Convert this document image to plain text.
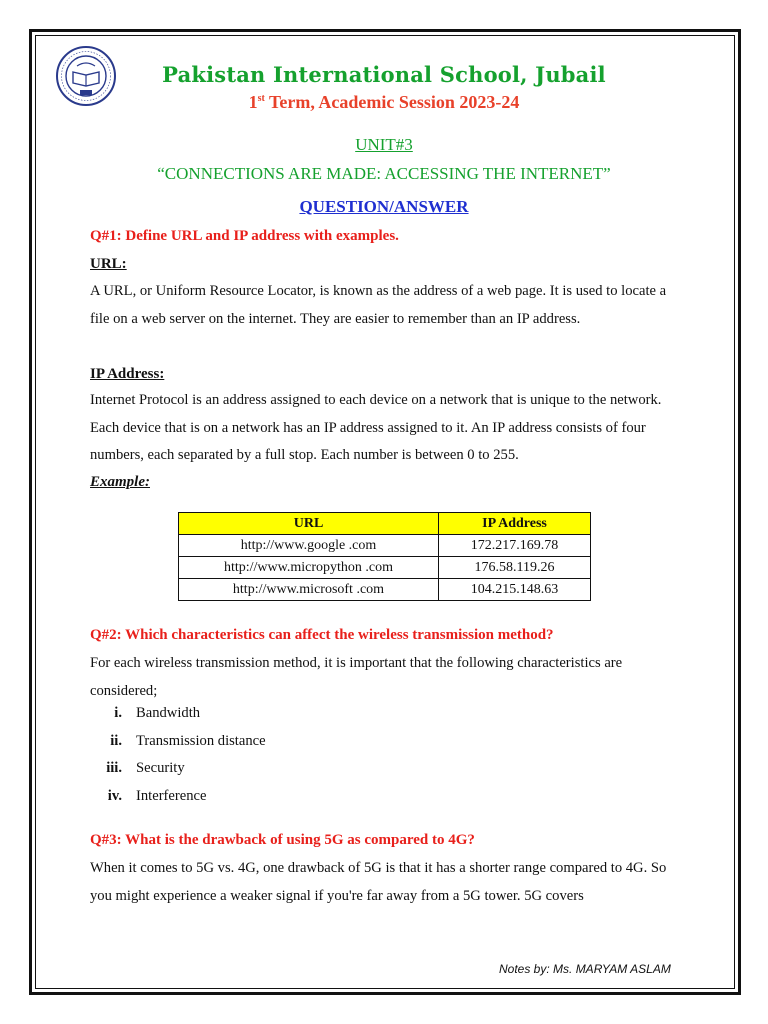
Pakistan International School, Jubail
1st Term, Academic Session 2023-24
UNIT#3
“CONNECTIONS ARE MADE: ACCESSING THE INTERNET”
QUESTION/ANSWER
Q#1: Define URL and IP address with examples.
URL:

A URL, or Uniform Resource Locator, is known as the address of a web page. It is used to locate a file on a web server on the internet. They are easier to remember than an IP address.

IP Address:

Internet Protocol is an address assigned to each device on a network that is unique to the network. Each device that is on a network has an IP address assigned to it. An IP address consists of four numbers, each separated by a full stop. Each number is between 0 to 255.

Example:
URL	IP Address
http://www.google .com	172.217.169.78
http://www.micropython .com	176.58.119.26
http://www.microsoft .com	104.215.148.63
Q#2: Which characteristics can affect the wireless transmission method?

For each wireless transmission method, it is important that the following characteristics are considered;

i. Bandwidth
ii. Transmission distance
iii. Security
iv. Interference
Q#3: What is the drawback of using 5G as compared to 4G?

When it comes to 5G vs. 4G, one drawback of 5G is that it has a shorter range compared to 4G. So you might experience a weaker signal if you're far away from a 5G tower. 5G covers

Notes by: Ms. MARYAM ASLAM
